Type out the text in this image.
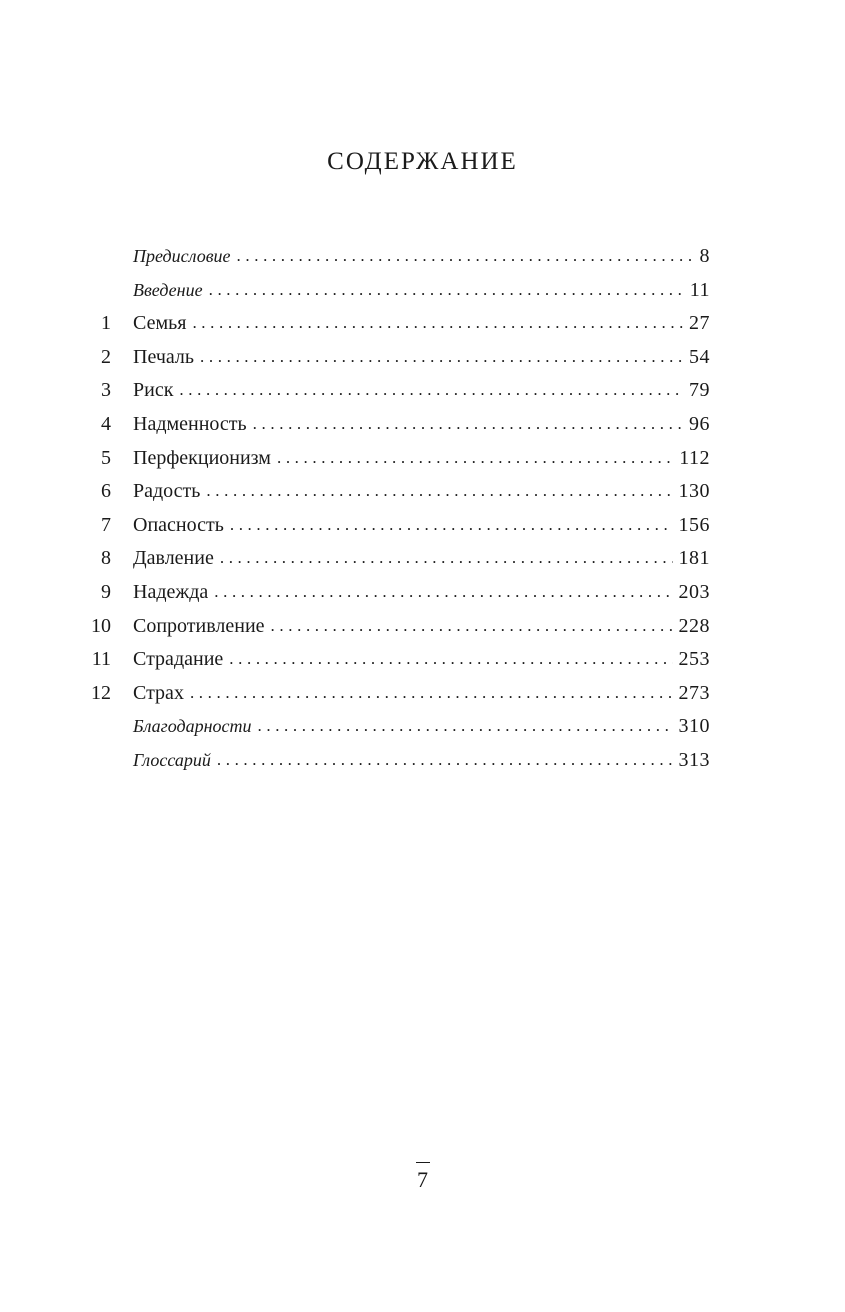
СОДЕРЖАНИЕ
Предисловие .....	8
Введение .....	11
1 Семья .....	27
2 Печаль .....	54
3 Риск .....	79
4 Надменность .....	96
5 Перфекционизм .....	112
6 Радость .....	130
7 Опасность .....	156
8 Давление .....	181
9 Надежда .....	203
10 Сопротивление .....	228
11 Страдание .....	253
12 Страх .....	273
Благодарности .....	310
Глоссарий .....	313
7
